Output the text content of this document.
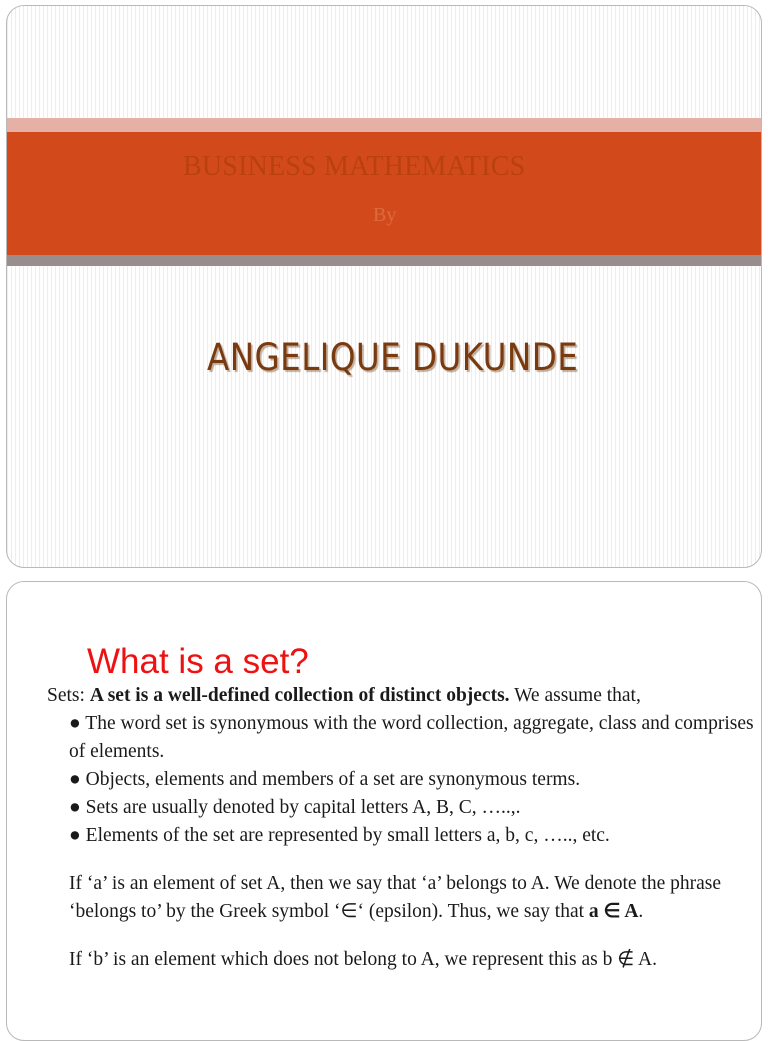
BUSINESS MATHEMATICS
By
ANGELIQUE DUKUNDE
What is a set?

Sets: A set is a well-defined collection of distinct objects. We assume that,

● The word set is synonymous with the word collection, aggregate, class and comprises of elements.

● Objects, elements and members of a set are synonymous terms.

● Sets are usually denoted by capital letters A, B, C, …..,.

● Elements of the set are represented by small letters a, b, c, ….., etc.

If ‘a’ is an element of set A, then we say that ‘a’ belongs to A. We denote the phrase ‘belongs to’ by the Greek symbol ‘∈‘ (epsilon). Thus, we say that a ∈ A.

If ‘b’ is an element which does not belong to A, we represent this as b ∉ A.
